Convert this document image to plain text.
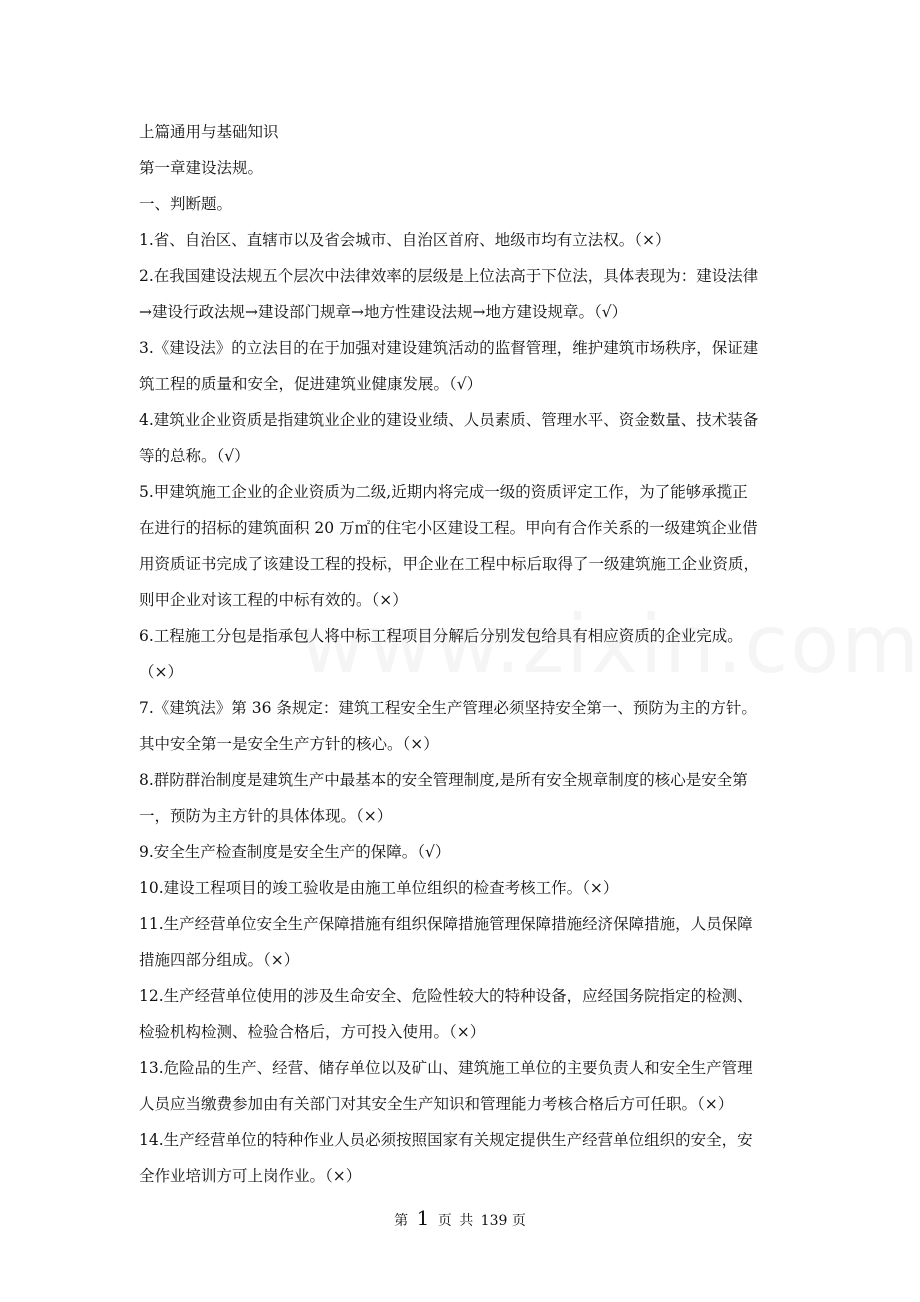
上篇通用与基础知识
第一章建设法规。
一、判断题。
1.省、自治区、直辖市以及省会城市、自治区首府、地级市均有立法权。（×）
2.在我国建设法规五个层次中法律效率的层级是上位法高于下位法，具体表现为：建设法律
→建设行政法规→建设部门规章→地方性建设法规→地方建设规章。（√）
3.《建设法》的立法目的在于加强对建设建筑活动的监督管理，维护建筑市场秩序，保证建
筑工程的质量和安全，促进建筑业健康发展。（√）
4.建筑业企业资质是指建筑业企业的建设业绩、人员素质、管理水平、资金数量、技术装备
等的总称。（√）
5.甲建筑施工企业的企业资质为二级,近期内将完成一级的资质评定工作，为了能够承揽正
在进行的招标的建筑面积 20 万㎡的住宅小区建设工程。甲向有合作关系的一级建筑企业借
用资质证书完成了该建设工程的投标，甲企业在工程中标后取得了一级建筑施工企业资质，
则甲企业对该工程的中标有效的。（×）
6.工程施工分包是指承包人将中标工程项目分解后分别发包给具有相应资质的企业完成。
（×）
7.《建筑法》第 36 条规定：建筑工程安全生产管理必须坚持安全第一、预防为主的方针。
其中安全第一是安全生产方针的核心。（×）
8.群防群治制度是建筑生产中最基本的安全管理制度,是所有安全规章制度的核心是安全第
一，预防为主方针的具体体现。（×）
9.安全生产检查制度是安全生产的保障。（√）
10.建设工程项目的竣工验收是由施工单位组织的检查考核工作。（×）
11.生产经营单位安全生产保障措施有组织保障措施管理保障措施经济保障措施，人员保障
措施四部分组成。（×）
12.生产经营单位使用的涉及生命安全、危险性较大的特种设备，应经国务院指定的检测、
检验机构检测、检验合格后，方可投入使用。（×）
13.危险品的生产、经营、储存单位以及矿山、建筑施工单位的主要负责人和安全生产管理
人员应当缴费参加由有关部门对其安全生产知识和管理能力考核合格后方可任职。（×）
14.生产经营单位的特种作业人员必须按照国家有关规定提供生产经营单位组织的安全，安
全作业培训方可上岗作业。（×）
第 1 页 共 139 页
